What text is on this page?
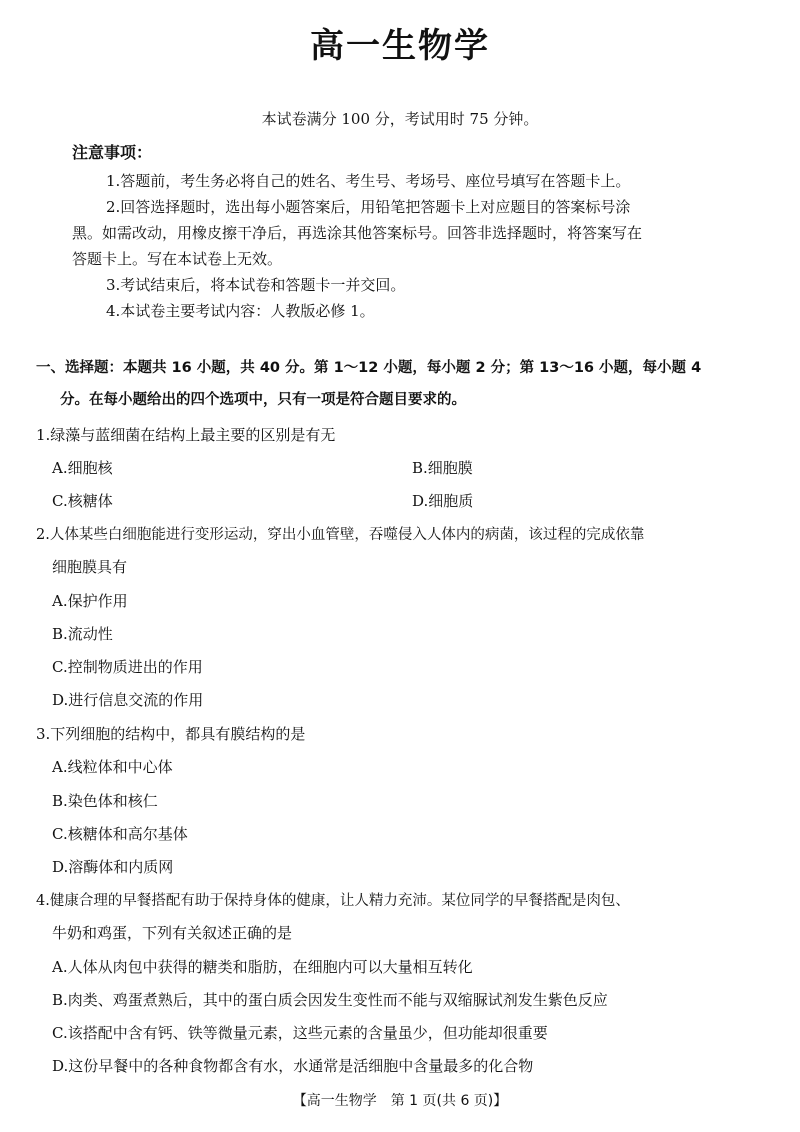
高一生物学
本试卷满分 100 分，考试用时 75 分钟。
注意事项：
1.答题前，考生务必将自己的姓名、考生号、考场号、座位号填写在答题卡上。
2.回答选择题时，选出每小题答案后，用铅笔把答题卡上对应题目的答案标号涂
黑。如需改动，用橡皮擦干净后，再选涂其他答案标号。回答非选择题时，将答案写在
答题卡上。写在本试卷上无效。
3.考试结束后，将本试卷和答题卡一并交回。
4.本试卷主要考试内容：人教版必修 1。
一、选择题：本题共 16 小题，共 40 分。第 1～12 小题，每小题 2 分；第 13～16 小题，每小题 4
分。在每小题给出的四个选项中，只有一项是符合题目要求的。
1.绿藻与蓝细菌在结构上最主要的区别是有无
A.细胞核	B.细胞膜
C.核糖体	D.细胞质
2.人体某些白细胞能进行变形运动，穿出小血管壁，吞噬侵入人体内的病菌，该过程的完成依靠
细胞膜具有
A.保护作用
B.流动性
C.控制物质进出的作用
D.进行信息交流的作用
3.下列细胞的结构中，都具有膜结构的是
A.线粒体和中心体
B.染色体和核仁
C.核糖体和高尔基体
D.溶酶体和内质网
4.健康合理的早餐搭配有助于保持身体的健康，让人精力充沛。某位同学的早餐搭配是肉包、
牛奶和鸡蛋，下列有关叙述正确的是
A.人体从肉包中获得的糖类和脂肪，在细胞内可以大量相互转化
B.肉类、鸡蛋煮熟后，其中的蛋白质会因发生变性而不能与双缩脲试剂发生紫色反应
C.该搭配中含有钙、铁等微量元素，这些元素的含量虽少，但功能却很重要
D.这份早餐中的各种食物都含有水，水通常是活细胞中含量最多的化合物
【高一生物学　第 1 页(共 6 页)】
